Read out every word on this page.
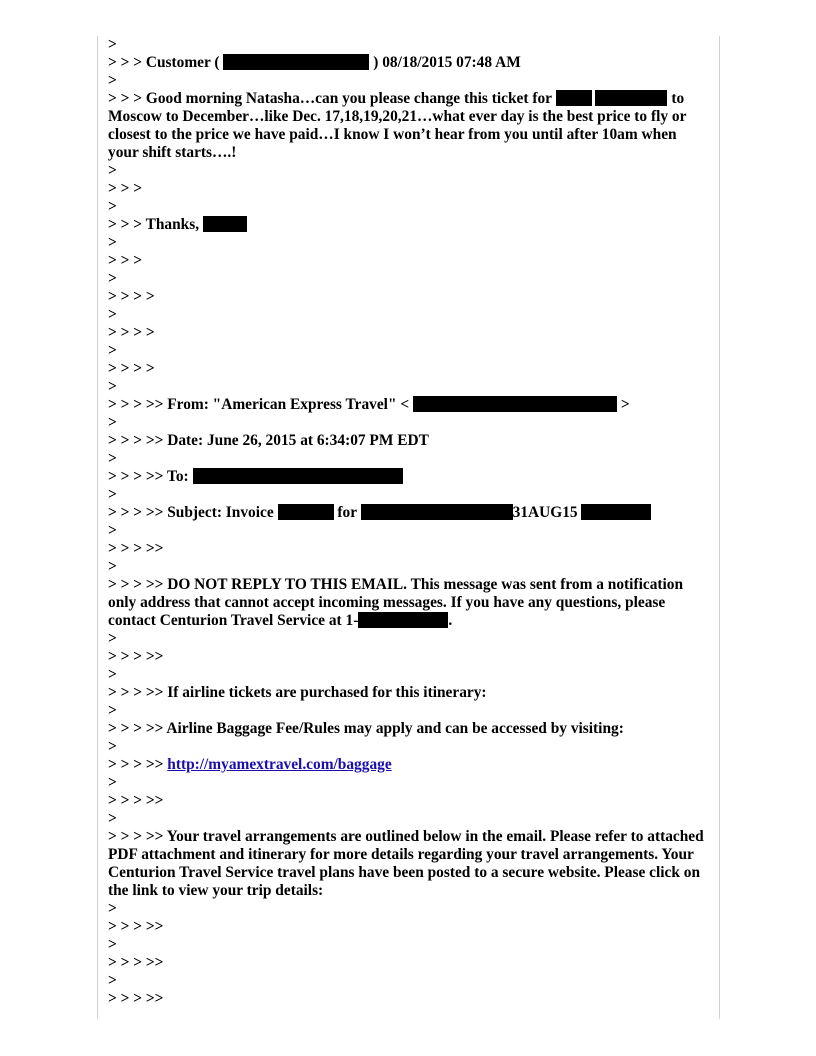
>

> > > Customer (	) 08/18/2015 07:48 AM

>

> > > Good morning Natasha…can you please change this ticket for	to Moscow to December…like Dec. 17,18,19,20,21…what ever day is the best price to fly or closest to the price we have paid…I know I won’t hear from you until after 10am when your shift starts….!

>

> > >

>

> > > Thanks,

>

> > >

>

> > > >

>

> > > >

>

> > > >

>

> > > >> From: "American Express Travel" <	>

>

> > > >> Date: June 26, 2015 at 6:34:07 PM EDT

>

> > > >> To:

>

> > > >> Subject: Invoice	for	31AUG15

>

> > > >>

>

> > > >> DO NOT REPLY TO THIS EMAIL. This message was sent from a notification only address that cannot accept incoming messages. If you have any questions, please contact Centurion Travel Service at 1-	.

>

> > > >>

>

> > > >> If airline tickets are purchased for this itinerary:

>

> > > >> Airline Baggage Fee/Rules may apply and can be accessed by visiting:

>

> > > >> http://myamextravel.com/baggage

>

> > > >>

>

> > > >> Your travel arrangements are outlined below in the email. Please refer to attached PDF attachment and itinerary for more details regarding your travel arrangements. Your Centurion Travel Service travel plans have been posted to a secure website. Please click on the link to view your trip details:

>

> > > >>

>

> > > >>

>

> > > >>
